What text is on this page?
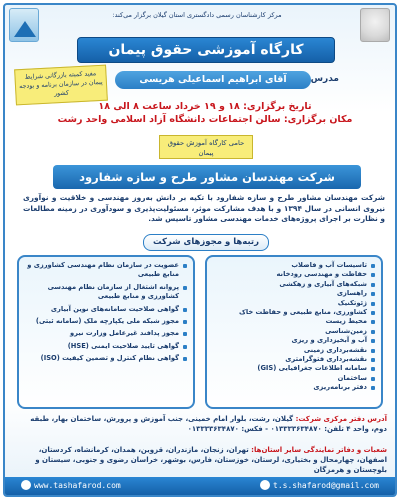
مرکز کارشناسان رسمی دادگستری استان گیلان برگزار می‌کند:
کارگاه آموزشی حقوق پیمان
مفید کمیته بازرگانی شرایط پیمان در سازمان برنامه و بودجه کشور
مدرس
آقای ابراهیم اسماعیلی هریسی
تاریخ برگزاری: ۱۸ و ۱۹ خرداد ساعت ۸ الی ۱۸
مکان برگزاری: سالن اجتماعات دانشگاه آزاد اسلامی واحد رشت
حامی کارگاه آموزش حقوق پیمان
شرکت مهندسان مشاور طرح و سازه شفارود

شرکت مهندسان مشاور طرح و سازه شفارود با تکیه بر دانش به‌روز مهندسی و خلاقیت و نوآوری نیروی انسانی در سال ۱۳۹۴ و با هدف مشارکت موثر، مسئولیت‌پذیری و سودآوری در زمینه مطالعات و نظارت بر اجرای پروژه‌های خدمات مهندسی مشاور تاسیس شد.

رتبه‌ها و مجوزهای شرکت
تاسیسات آب و فاضلاب
حفاظت و مهندسی رودخانه
شبکه‌های آبیاری و زهکشی
راهسازی
ژئوتکنیک
کشاورزی، منابع طبیعی و حفاظت خاک
محیط زیست
زمین‌شناسی
آب و آبخیزداری و ریزی
نقشه‌برداری زمینی
نقشه‌برداری فتوگرامتری
سامانه اطلاعات جغرافیایی (GIS)
ساختمان
دفتر برنامه‌ریزی
عضویت در سازمان نظام مهندسی کشاورزی و منابع طبیعی
پروانه اشتغال از سازمان نظام مهندسی کشاورزی و منابع طبیعی
گواهی صلاحیت سامانه‌های نوین آبیاری
مجوز شبکه ملی یکپارچه ملک (سامانه ثبتی)
مجوز پدافند غیرعامل وزارت نیرو
گواهی تایید صلاحیت ایمنی (HSE)
گواهی نظام کنترل و تضمین کیفیت (ISO)
آدرس دفتر مرکزی شرکت: گیلان، رشت، بلوار امام خمینی، جنب آموزش و پرورش، ساختمان بهار، طبقه دوم، واحد ۴ تلفن: ۰۱۳۳۳۳۶۳۴۸۷۰ - فکس: ۰۱۳۳۳۳۶۳۴۸۷۰
شعبات و دفاتر نمایندگی سایر استان‌ها: تهران، زنجان، مازندران، قزوین، همدان، کرمانشاه، کردستان، اصفهان، چهارمحال و بختیاری، لرستان، خوزستان، فارس، بوشهر، خراسان رضوی و جنوبی، سیستان و بلوچستان و هرمزگان
www.tashafarod.com	t.s.shafarod@gmail.com
